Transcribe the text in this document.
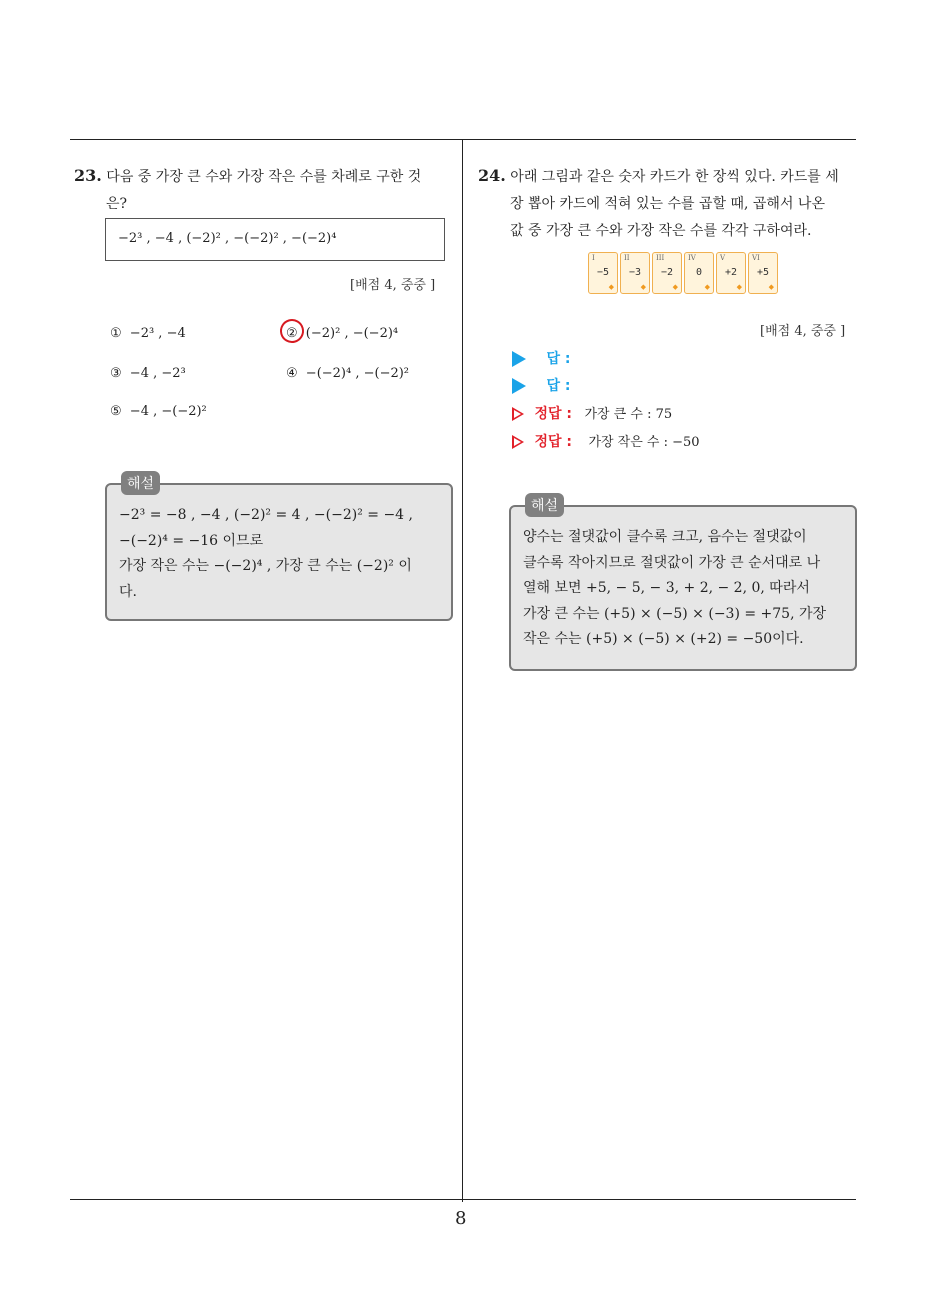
23. 다음 중 가장 큰 수와 가장 작은 수를 차례로 구한 것
은?
−2³ , −4 , (−2)² , −(−2)² , −(−2)⁴
[배점 4, 중중 ]
① −2³ , −4	② (−2)² , −(−2)⁴
③ −4 , −2³	④ −(−2)⁴ , −(−2)²
⑤ −4 , −(−2)²
해설
−2³ = −8 , −4 , (−2)² = 4 , −(−2)² = −4 ,
−(−2)⁴ = −16 이므로
가장 작은 수는 −(−2)⁴ , 가장 큰 수는 (−2)² 이
다.
24. 아래 그림과 같은 숫자 카드가 한 장씩 있다. 카드를 세
장 뽑아 카드에 적혀 있는 수를 곱할 때, 곱해서 나온
값 중 가장 큰 수와 가장 작은 수를 각각 구하여라.
I
−5
◆
II
−3
◆
III
−2
◆
IV
0
◆
V
+2
◆
VI
+5
◆
[배점 4, 중중 ]
답 :
답 :
정답 : 가장 큰 수 : 75
정답 : 가장 작은 수 : −50
해설
양수는 절댓값이 클수록 크고, 음수는 절댓값이
클수록 작아지므로 절댓값이 가장 큰 순서대로 나
열해 보면 +5, − 5, − 3, + 2, − 2, 0, 따라서
가장 큰 수는 (+5) × (−5) × (−3) = +75, 가장
작은 수는 (+5) × (−5) × (+2) = −50이다.
8
